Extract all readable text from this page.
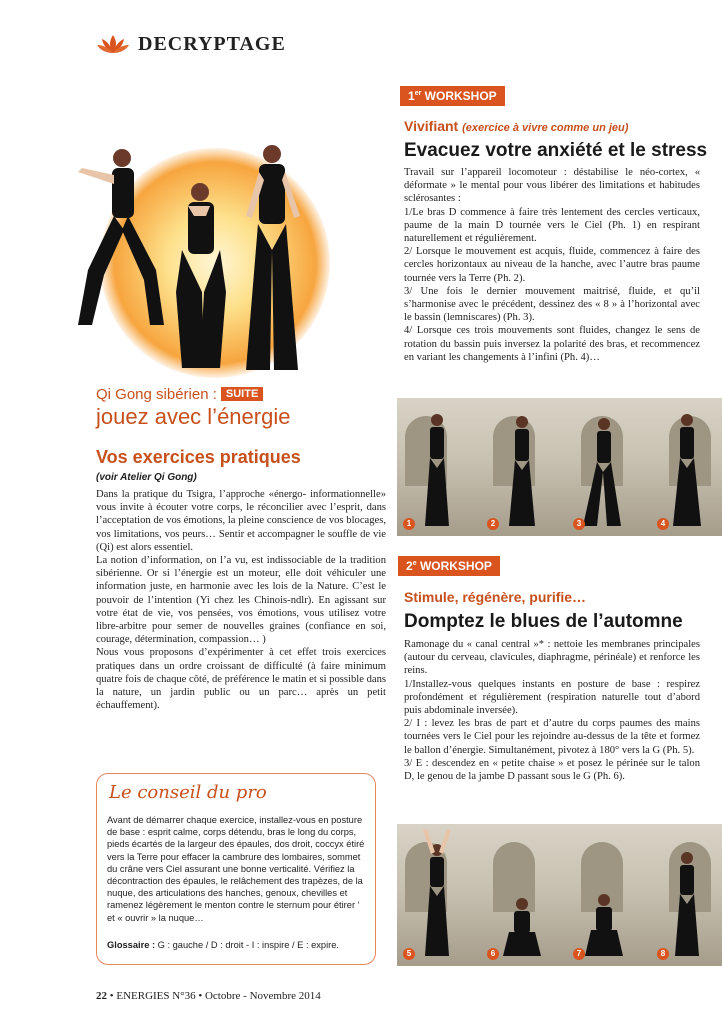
DECRYPTAGE
1er WORKSHOP
Vivifiant (exercice à vivre comme un jeu)
Evacuez votre anxiété et le stress

Travail sur l’appareil locomoteur : déstabilise le néo-cortex, « déformate » le mental pour vous libérer des limitations et habitudes sclérosantes :

1/Le bras D commence à faire très lentement des cercles verticaux, paume de la main D tournée vers le Ciel (Ph. 1) en respirant naturellement et régulièrement.

2/ Lorsque le mouvement est acquis, fluide, commencez à faire des cercles horizontaux au niveau de la hanche, avec l’autre bras paume tournée vers la Terre (Ph. 2).

3/ Une fois le dernier mouvement maitrisé, fluide, et qu’il s’harmonise avec le précédent, dessinez des « 8 » à l’horizontal avec le bassin (lemniscares) (Ph. 3).

4/ Lorsque ces trois mouvements sont fluides, changez le sens de rotation du bassin puis inversez la polarité des bras, et recommencez en variant les changements à l’infini (Ph. 4)…

1	2	3	4
2e WORKSHOP
Stimule, régénère, purifie…
Domptez le blues de l’automne

Ramonage du « canal central »* : nettoie les membranes principales (autour du cerveau, clavicules, diaphragme, périnéale) et renforce les reins.

1/Installez-vous quelques instants en posture de base : respirez profondément et régulièrement (respiration naturelle tout d’abord puis abdominale inversée).

2/ I : levez les bras de part et d’autre du corps paumes des mains tournées vers le Ciel pour les rejoindre au-dessus de la tête et formez le ballon d’énergie. Simultanément, pivotez à 180° vers la G (Ph. 5).

3/ E : descendez en « petite chaise » et posez le périnée sur le talon D, le genou de la jambe D passant sous le G (Ph. 6).

5	6	7	8
Qi Gong sibérien : SUITE
jouez avec l’énergie
Vos exercices pratiques
(voir Atelier Qi Gong)

Dans la pratique du Tsigra, l’approche «énergo- informationnelle» vous invite à écouter votre corps, le réconcilier avec l’esprit, dans l’acceptation de vos émotions, la pleine conscience de vos blocages, vos limitations, vos peurs… Sentir et accompagner le souffle de vie (Qi) est alors essentiel.

La notion d’information, on l’a vu, est indissociable de la tradition sibérienne. Or si l’énergie est un moteur, elle doit véhiculer une information juste, en harmonie avec les lois de la Nature. C’est le pouvoir de l’intention (Yi chez les Chinois-ndlr). En agissant sur votre état de vie, vos pensées, vos émotions, vous utilisez votre libre-arbitre pour semer de nouvelles graines (confiance en soi, courage, détermination, compassion… )

Nous vous proposons d’expérimenter à cet effet trois exercices pratiques dans un ordre croissant de difficulté (à faire minimum quatre fois de chaque côté, de préférence le matin et si possible dans la nature, un jardin public ou un parc… après un petit échauffement).

Le conseil du pro
Avant de démarrer chaque exercice, installez-vous en posture de base : esprit calme, corps détendu, bras le long du corps, pieds écartés de la largeur des épaules, dos droit, coccyx étiré vers la Terre pour effacer la cambrure des lombaires, sommet du crâne vers Ciel assurant une bonne verticalité. Vérifiez la décontraction des épaules, le relâchement des trapèzes, de la nuque, des articulations des hanches, genoux, chevilles et ramenez légèrement le menton contre le sternum pour étirer ‘ et « ouvrir » la nuque…
Glossaire : G : gauche / D : droit - I : inspire / E : expire.
22 • ENERGIES N°36 • Octobre - Novembre 2014
